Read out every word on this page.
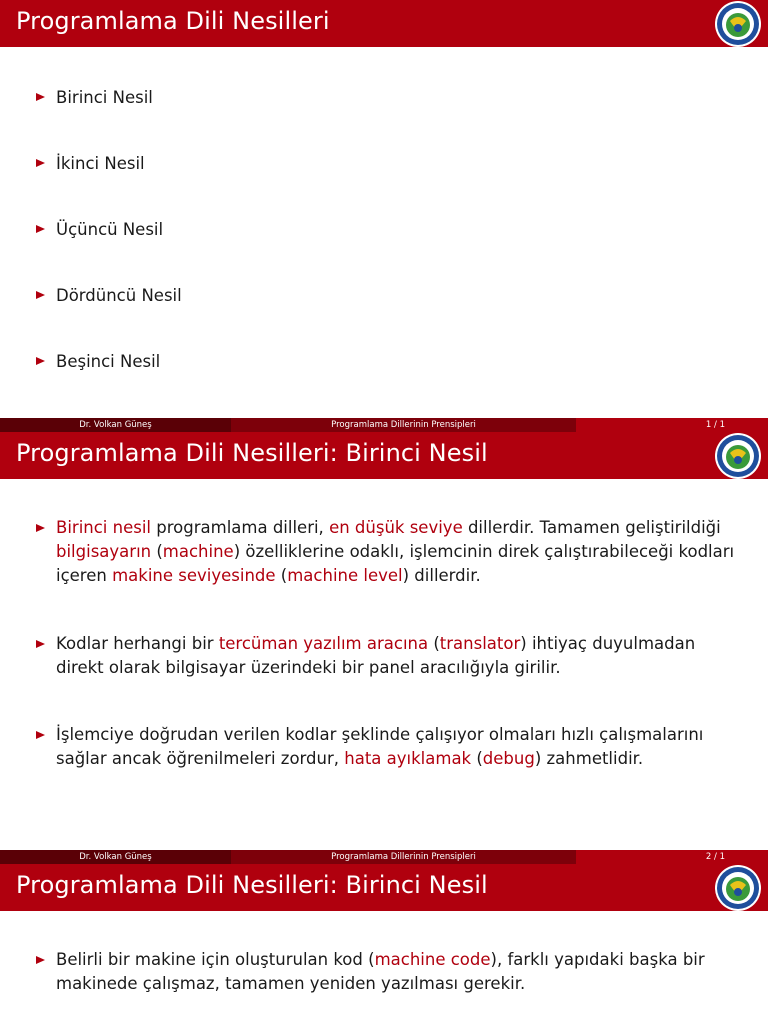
Programlama Dili Nesilleri
Birinci Nesil
İkinci Nesil
Üçüncü Nesil
Dördüncü Nesil
Beşinci Nesil
Dr. Volkan Güneş	Programlama Dillerinin Prensipleri	1 / 1
Programlama Dili Nesilleri: Birinci Nesil
Birinci nesil programlama dilleri, en düşük seviye dillerdir. Tamamen geliştirildiği bilgisayarın (machine) özelliklerine odaklı, işlemcinin direk çalıştırabileceği kodları içeren makine seviyesinde (machine level) dillerdir.
Kodlar herhangi bir tercüman yazılım aracına (translator) ihtiyaç duyulmadan direkt olarak bilgisayar üzerindeki bir panel aracılığıyla girilir.
İşlemciye doğrudan verilen kodlar şeklinde çalışıyor olmaları hızlı çalışmalarını sağlar ancak öğrenilmeleri zordur, hata ayıklamak (debug) zahmetlidir.
Dr. Volkan Güneş	Programlama Dillerinin Prensipleri	2 / 1
Programlama Dili Nesilleri: Birinci Nesil
Belirli bir makine için oluşturulan kod (machine code), farklı yapıdaki başka bir makinede çalışmaz, tamamen yeniden yazılması gerekir.
